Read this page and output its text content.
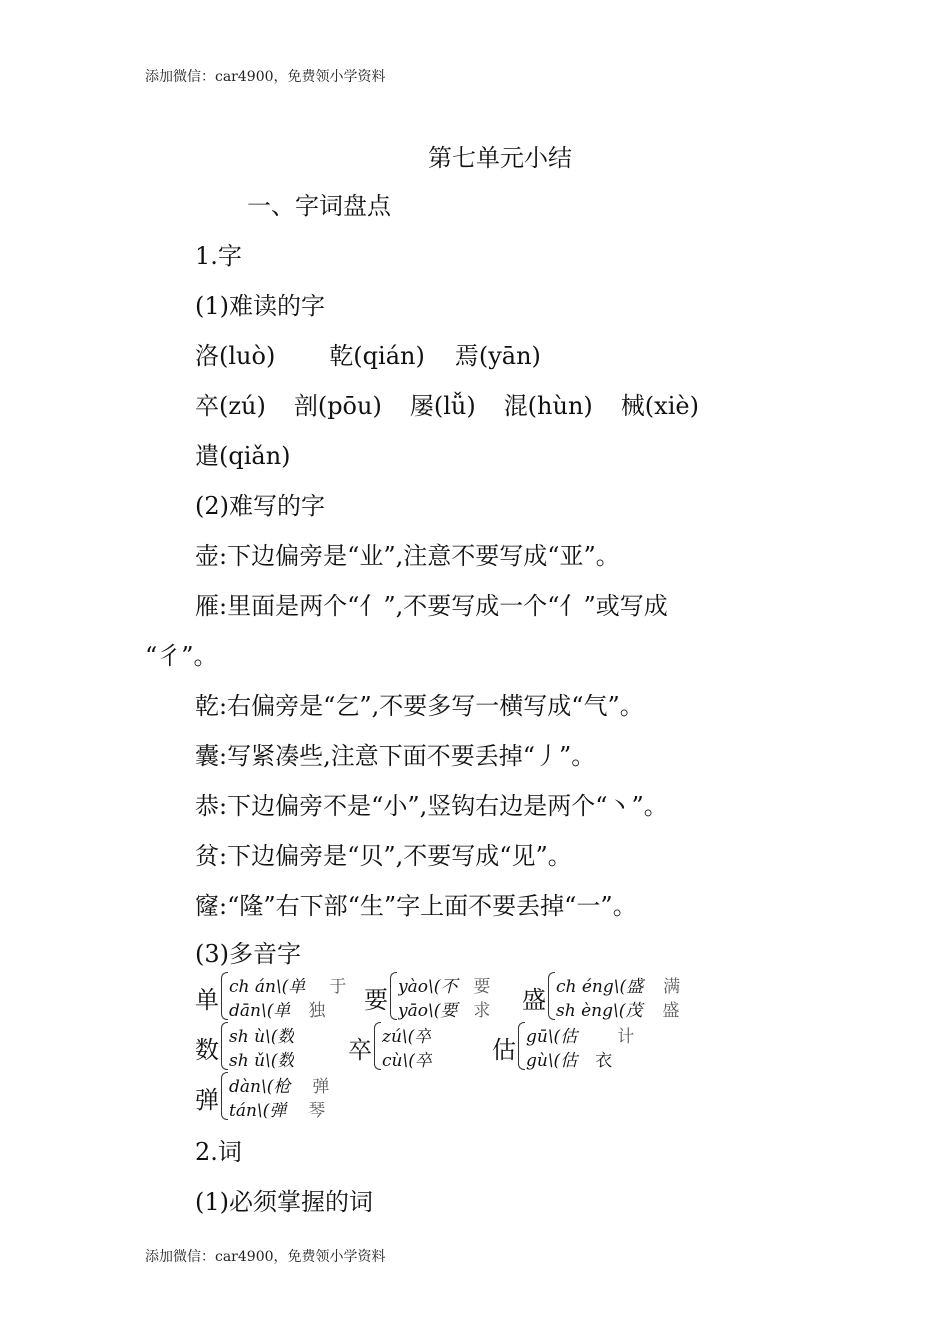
添加微信：car4900，免费领小学资料
第七单元小结
一、字词盘点
1.字
(1)难读的字
洛(luò) 乾(qián) 焉(yān)
卒(zú) 剖(pōu) 屡(lǚ) 混(hùn) 械(xiè)
遣(qiǎn)
(2)难写的字
壶:下边偏旁是“业”,注意不要写成“亚”。
雁:里面是两个“亻”,不要写成一个“亻”或写成
“彳”。
乾:右偏旁是“乞”,不要多写一横写成“气”。
囊:写紧凑些,注意下面不要丢掉“丿”。
恭:下边偏旁不是“小”,竖钩右边是两个“丶”。
贫:下边偏旁是“贝”,不要写成“见”。
窿:“隆”右下部“生”字上面不要丢掉“一”。
(3)多音字
单 ch án\(单 于
dān\(单 独 要 yào\(不 要
yāo\(要 求 盛 ch éng\(盛 满
sh èng\(茂 盛
数 sh ù\(数
sh ǔ\(数 卒 zú\(卒
cù\(卒	估 gū\(估 计
gù\(估 衣
弹 dàn\(枪 弹
tán\(弹 琴
2.词
(1)必须掌握的词
添加微信：car4900，免费领小学资料
